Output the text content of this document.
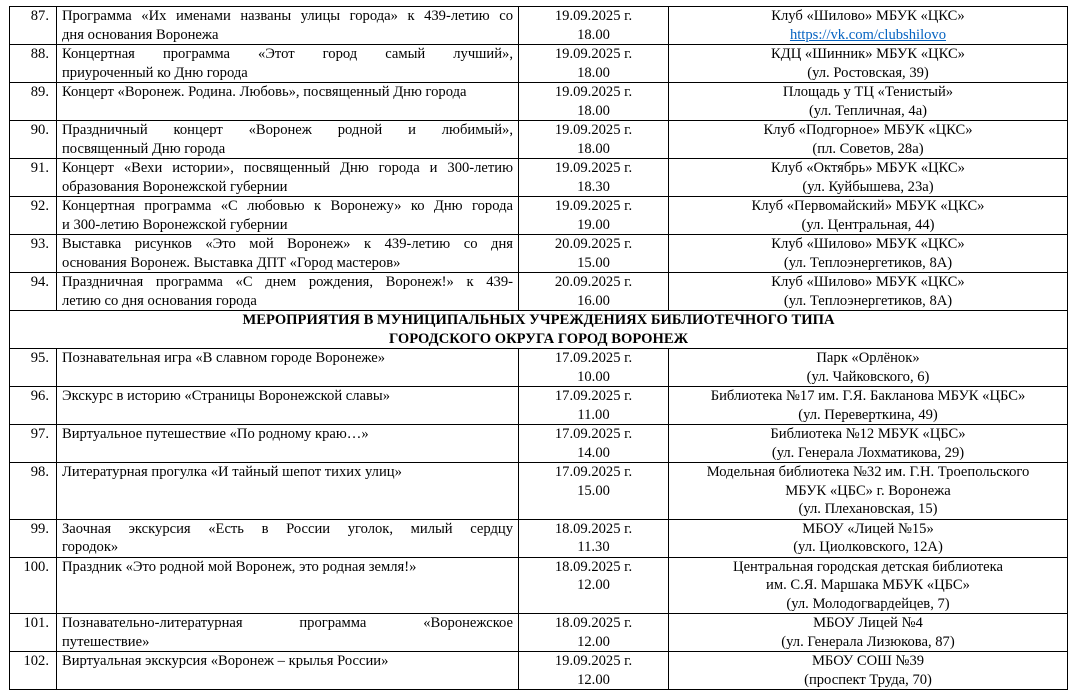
87.	Программа «Их именами названы улицы города» к 439-летию со
дня основания Воронежа	19.09.2025 г.
18.00	Клуб «Шилово» МБУК «ЦКС»
https://vk.com/clubshilovo

88.	Концертная программа «Этот город самый лучший»,
приуроченный ко Дню города	19.09.2025 г.
18.00	КДЦ «Шинник» МБУК «ЦКС»
(ул. Ростовская, 39)

89.	Концерт «Воронеж. Родина. Любовь», посвященный Дню города	19.09.2025 г.
18.00	Площадь у ТЦ «Тенистый»
(ул. Тепличная, 4а)

90.	Праздничный концерт «Воронеж родной и любимый»,
посвященный Дню города	19.09.2025 г.
18.00	Клуб «Подгорное» МБУК «ЦКС»
(пл. Советов, 28а)

91.	Концерт «Вехи истории», посвященный Дню города и 300-летию
образования Воронежской губернии	19.09.2025 г.
18.30	Клуб «Октябрь» МБУК «ЦКС»
(ул. Куйбышева, 23а)

92.	Концертная программа «С любовью к Воронежу» ко Дню города
и 300-летию Воронежской губернии	19.09.2025 г.
19.00	Клуб «Первомайский» МБУК «ЦКС»
(ул. Центральная, 44)

93.	Выставка рисунков «Это мой Воронеж» к 439-летию со дня
основания Воронеж. Выставка ДПТ «Город мастеров»	20.09.2025 г.
15.00	Клуб «Шилово» МБУК «ЦКС»
(ул. Теплоэнергетиков, 8А)

94.	Праздничная программа «С днем рождения, Воронеж!» к 439-
летию со дня основания города	20.09.2025 г.
16.00	Клуб «Шилово» МБУК «ЦКС»
(ул. Теплоэнергетиков, 8А)

МЕРОПРИЯТИЯ В МУНИЦИПАЛЬНЫХ УЧРЕЖДЕНИЯХ БИБЛИОТЕЧНОГО ТИПА
ГОРОДСКОГО ОКРУГА ГОРОД ВОРОНЕЖ			

95.	Познавательная игра «В славном городе Воронеже»	17.09.2025 г.
10.00	Парк «Орлёнок»
(ул. Чайковского, 6)

96.	Экскурс в историю «Страницы Воронежской славы»	17.09.2025 г.
11.00	Библиотека №17 им. Г.Я. Бакланова МБУК «ЦБС»
(ул. Переверткина, 49)

97.	Виртуальное путешествие «По родному краю…»	17.09.2025 г.
14.00	Библиотека №12 МБУК «ЦБС»
(ул. Генерала Лохматикова, 29)

98.	Литературная прогулка «И тайный шепот тихих улиц»	17.09.2025 г.
15.00	Модельная библиотека №32 им. Г.Н. Троепольского
МБУК «ЦБС» г. Воронежа
(ул. Плехановская, 15)

99.	Заочная экскурсия «Есть в России уголок, милый сердцу
городок»	18.09.2025 г.
11.30	МБОУ «Лицей №15»
(ул. Циолковского, 12А)

100.	Праздник «Это родной мой Воронеж, это родная земля!»	18.09.2025 г.
12.00	Центральная городская детская библиотека
им. С.Я. Маршака МБУК «ЦБС»
(ул. Молодогвардейцев, 7)

101.	Познавательно-литературная программа «Воронежское
путешествие»	18.09.2025 г.
12.00	МБОУ Лицей №4
(ул. Генерала Лизюкова, 87)

102.	Виртуальная экскурсия «Воронеж – крылья России»	19.09.2025 г.
12.00	МБОУ СОШ №39
(проспект Труда, 70)
